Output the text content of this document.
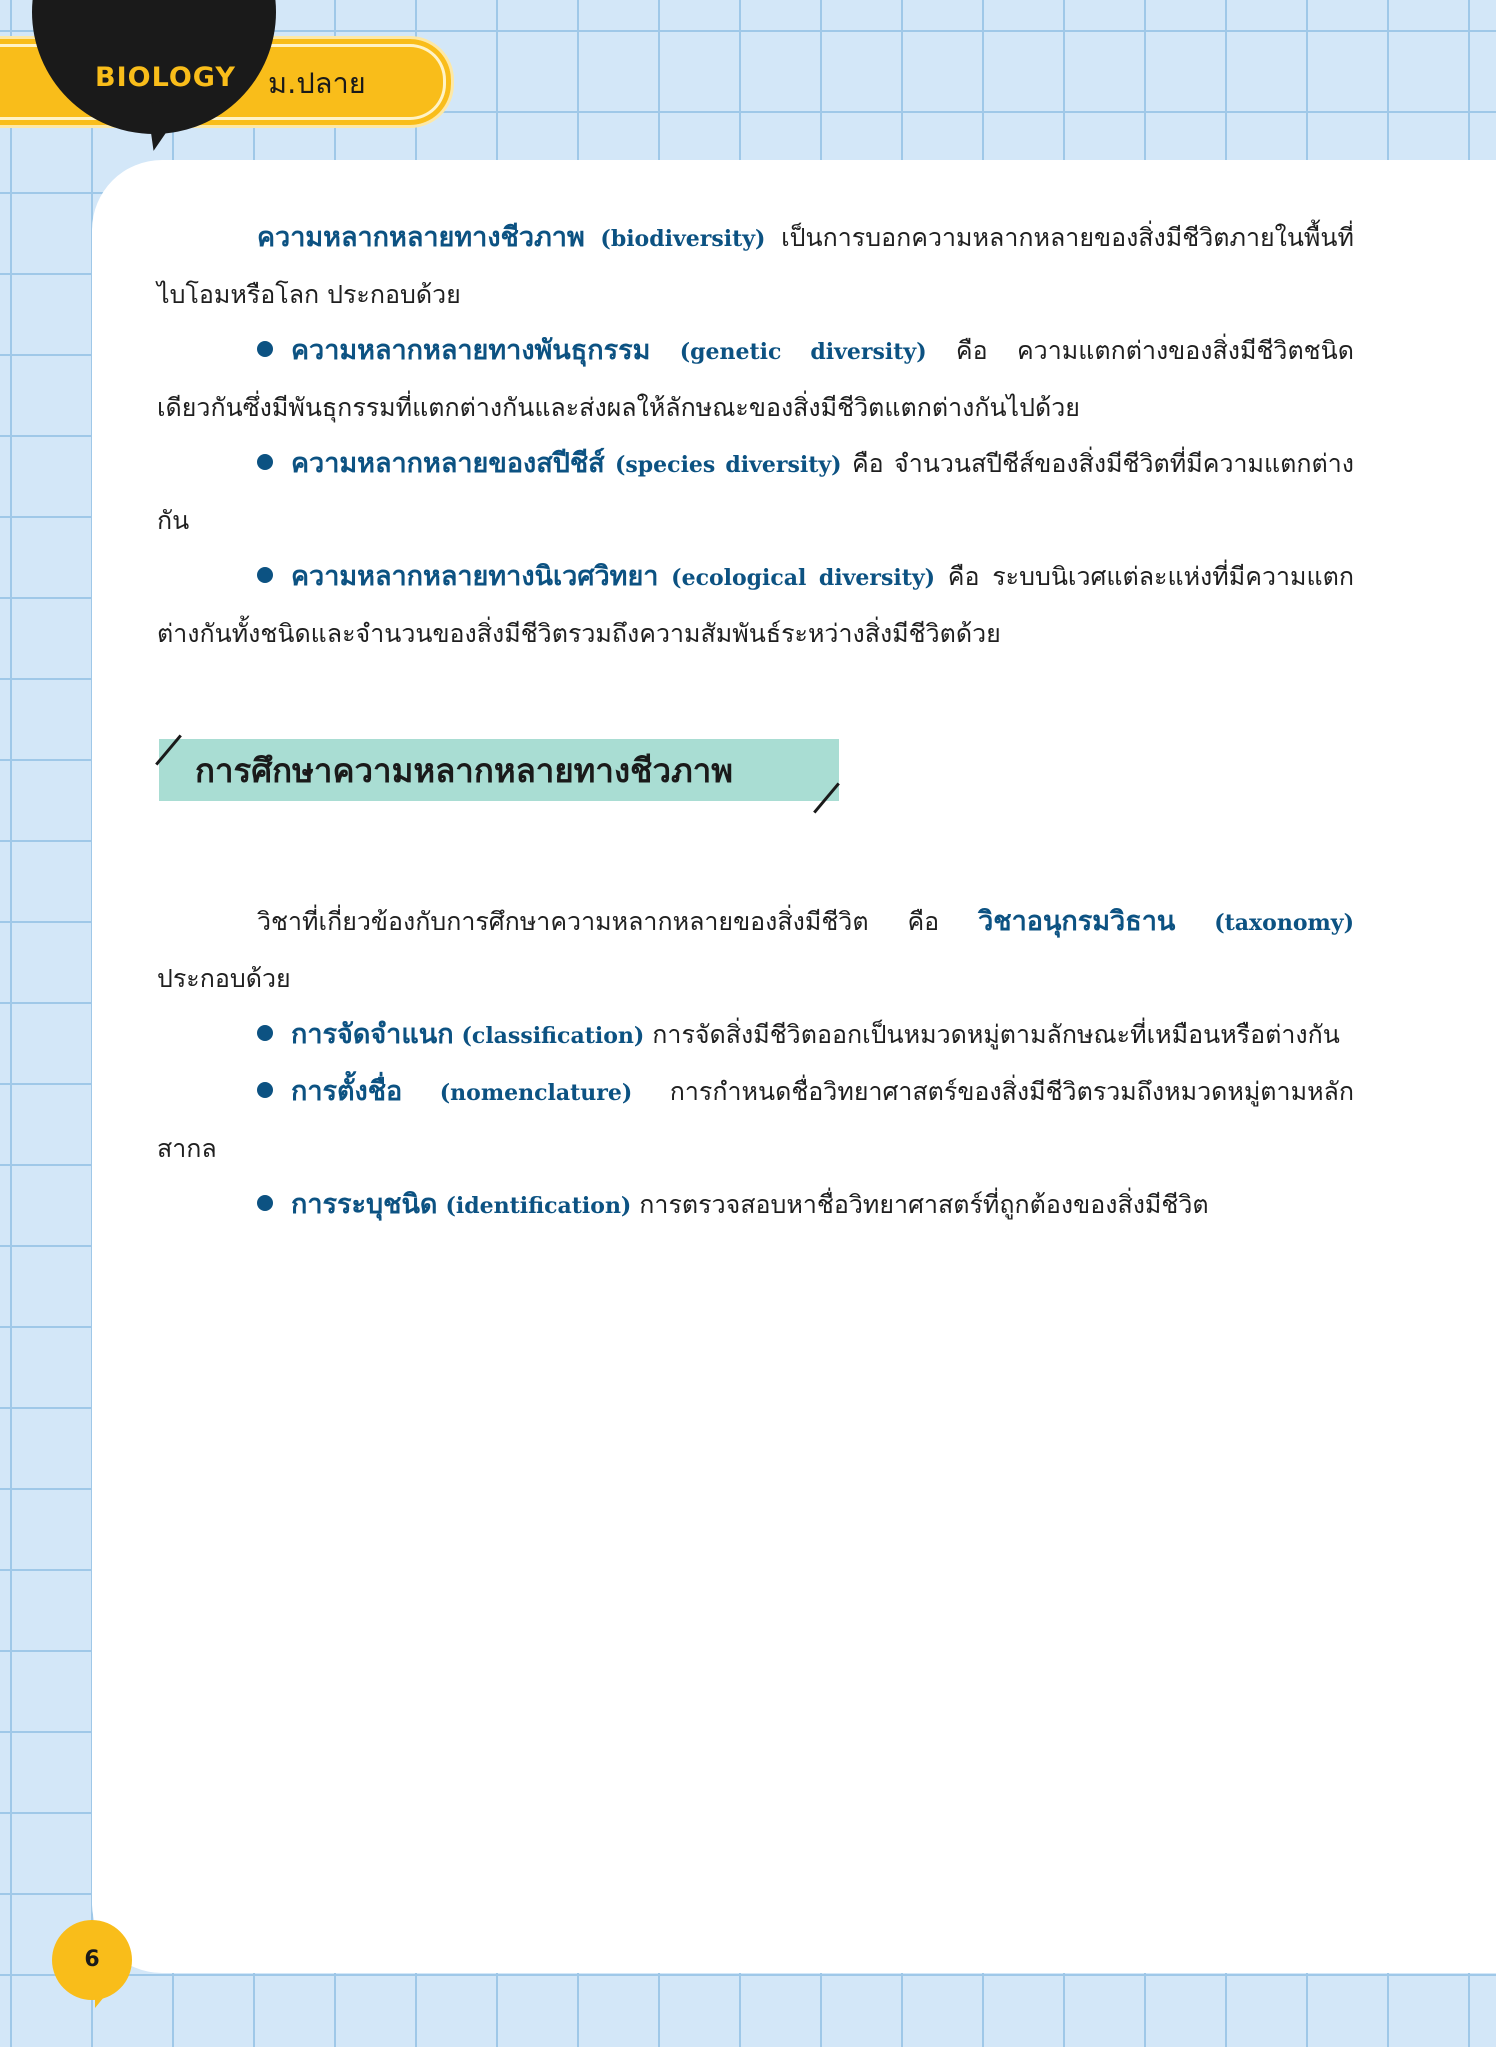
BIOLOGY ม.ปลาย

ความหลากหลายทางชีวภาพ (biodiversity) เป็นการบอกความหลากหลายของสิ่งมีชีวิตภายในพื้นที่ไบโอมหรือโลก ประกอบด้วย

ความหลากหลายทางพันธุกรรม (genetic diversity) คือ ความแตกต่างของสิ่งมีชีวิตชนิดเดียวกันซึ่งมีพันธุกรรมที่แตกต่างกันและส่งผลให้ลักษณะของสิ่งมีชีวิตแตกต่างกันไปด้วย

ความหลากหลายของสปีชีส์ (species diversity) คือ จำนวนสปีชีส์ของสิ่งมีชีวิตที่มีความแตกต่างกัน

ความหลากหลายทางนิเวศวิทยา (ecological diversity) คือ ระบบนิเวศแต่ละแห่งที่มีความแตกต่างกันทั้งชนิดและจำนวนของสิ่งมีชีวิตรวมถึงความสัมพันธ์ระหว่างสิ่งมีชีวิตด้วย

การศึกษาความหลากหลายทางชีวภาพ

วิชาที่เกี่ยวข้องกับการศึกษาความหลากหลายของสิ่งมีชีวิต คือ วิชาอนุกรมวิธาน (taxonomy) ประกอบด้วย

การจัดจำแนก (classification) การจัดสิ่งมีชีวิตออกเป็นหมวดหมู่ตามลักษณะที่เหมือนหรือต่างกัน

การตั้งชื่อ (nomenclature) การกำหนดชื่อวิทยาศาสตร์ของสิ่งมีชีวิตรวมถึงหมวดหมู่ตามหลักสากล

การระบุชนิด (identification) การตรวจสอบหาชื่อวิทยาศาสตร์ที่ถูกต้องของสิ่งมีชีวิต

6
